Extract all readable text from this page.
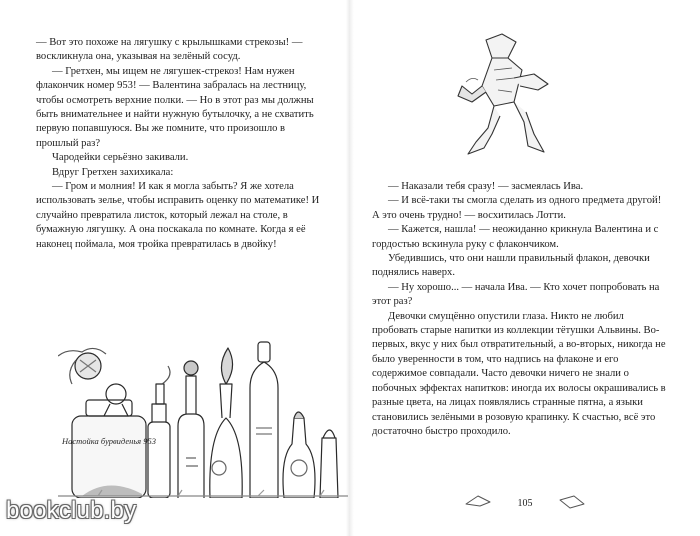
— Вот это похоже на лягушку с крылышками стрекозы! — воскликнула она, указывая на зелёный сосуд.

— Гретхен, мы ищем не лягушек-стрекоз! Нам нужен флакончик номер 953! — Валентина забралась на лестницу, чтобы осмотреть верхние полки. — Но в этот раз мы должны быть внимательнее и найти нужную бутылочку, а не схватить первую попавшуюся. Вы же помните, что произошло в прошлый раз?

Чародейки серьёзно закивали.

Вдруг Гретхен захихикала:

— Гром и молния! И как я могла забыть? Я же хотела использовать зелье, чтобы исправить оценку по математике! И случайно превратила листок, который лежал на столе, в бумажную лягушку. А она поскакала по комнате. Когда я её наконец поймала, моя тройка превратилась в двойку!

Настойка бурвиденья 953

— Наказали тебя сразу! — засмеялась Ива.

— И всё-таки ты смогла сделать из одного предмета другой! А это очень трудно! — восхитилась Лотти.

— Кажется, нашла! — неожиданно крикнула Валентина и с гордостью вскинула руку с флакончиком.

Убедившись, что они нашли правильный флакон, девочки поднялись наверх.

— Ну хорошо... — начала Ива. — Кто хочет попробовать на этот раз?

Девочки смущённо опустили глаза. Никто не любил пробовать старые напитки из коллекции тётушки Альвины. Во-первых, вкус у них был отвратительный, а во-вторых, никогда не было уверенности в том, что надпись на флаконе и его содержимое совпадали. Часто девочки ничего не знали о побочных эффектах напитков: иногда их волосы окрашивались в разные цвета, на лицах появлялись странные пятна, а языки становились зелёными в розовую крапинку. К счастью, всё это достаточно быстро проходило.

105
bookclub.by
